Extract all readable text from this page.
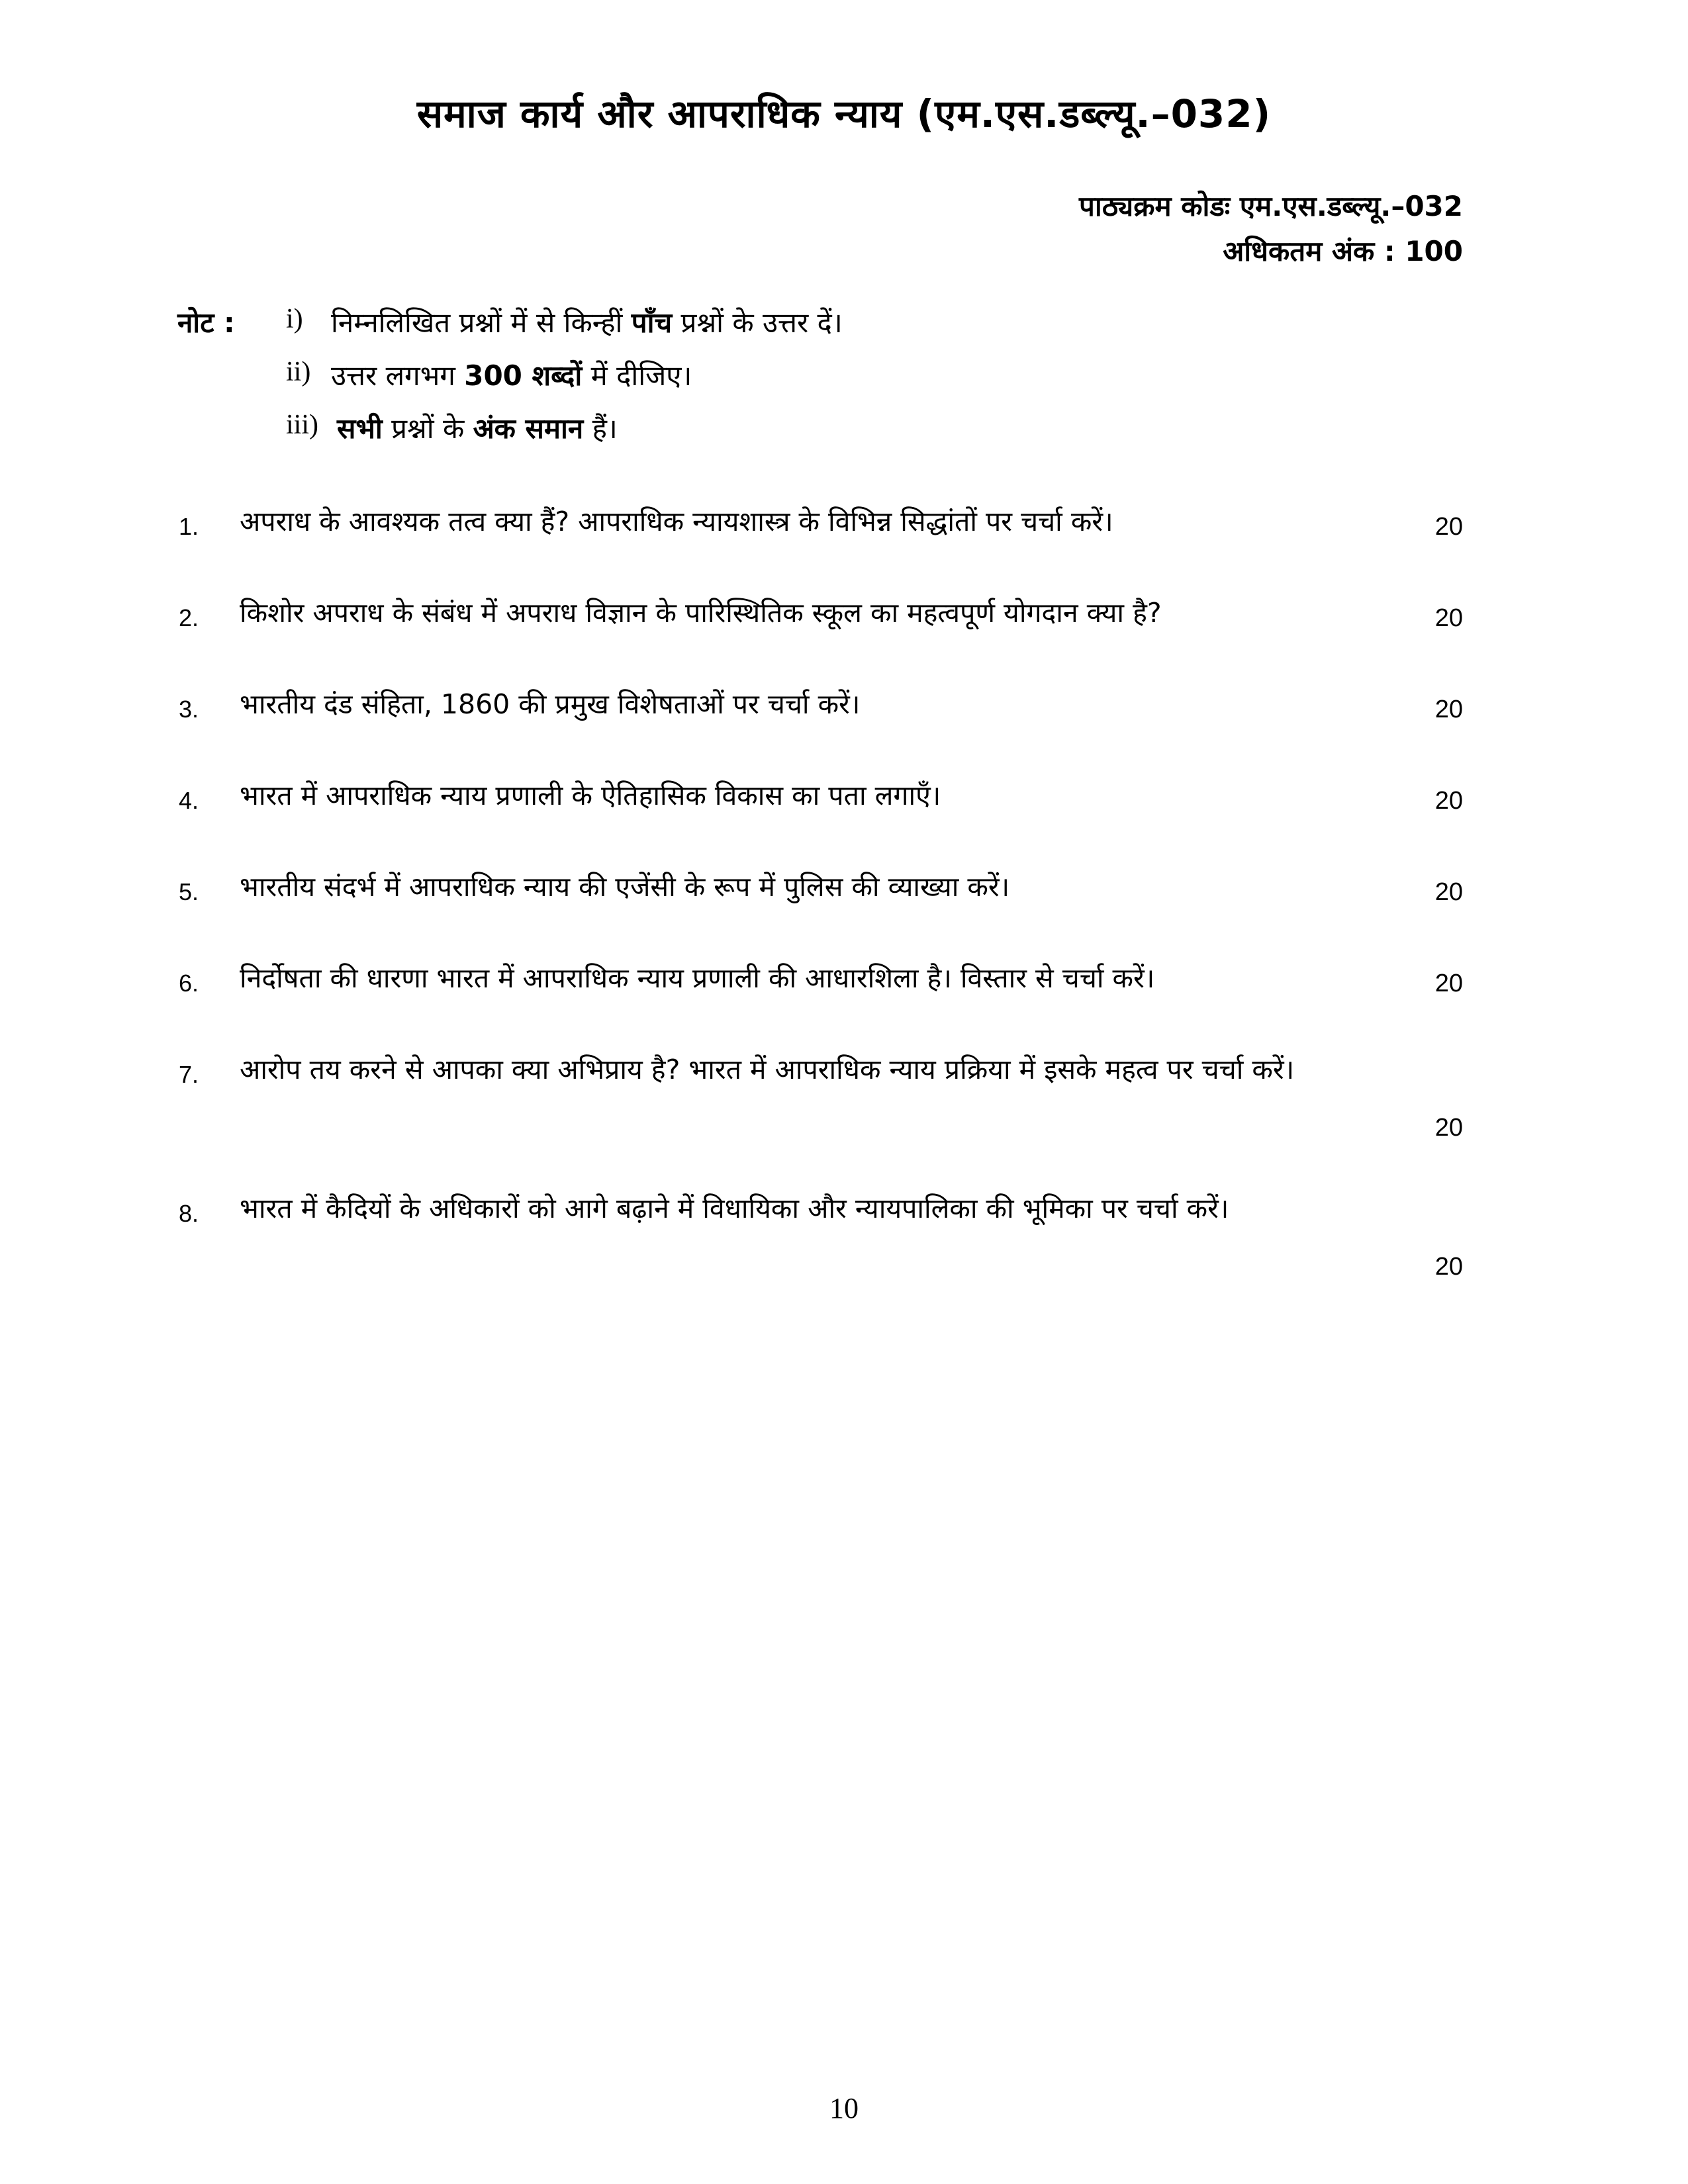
समाज कार्य और आपराधिक न्याय (एम.एस.डब्ल्यू.–032)
पाठ्यक्रम कोडः एम.एस.डब्ल्यू.–032
अधिकतम अंक : 100
नोट : i)	निम्नलिखित प्रश्नों में से किन्हीं पाँच प्रश्नों के उत्तर दें।
ii) उत्तर लगभग 300 शब्दों में दीजिए।
iii) सभी प्रश्नों के अंक समान हैं।
1. अपराध के आवश्यक तत्व क्या हैं? आपराधिक न्यायशास्त्र के विभिन्न सिद्धांतों पर चर्चा करें।	20
2. किशोर अपराध के संबंध में अपराध विज्ञान के पारिस्थितिक स्कूल का महत्वपूर्ण योगदान क्या है?	20
3. भारतीय दंड संहिता, 1860 की प्रमुख विशेषताओं पर चर्चा करें।	20
4. भारत में आपराधिक न्याय प्रणाली के ऐतिहासिक विकास का पता लगाएँ।	20
5. भारतीय संदर्भ में आपराधिक न्याय की एजेंसी के रूप में पुलिस की व्याख्या करें।	20
6. निर्दोषता की धारणा भारत में आपराधिक न्याय प्रणाली की आधारशिला है। विस्तार से चर्चा करें।	20
7. आरोप तय करने से आपका क्या अभिप्राय है? भारत में आपराधिक न्याय प्रक्रिया में इसके महत्व पर चर्चा करें।
20
8. भारत में कैदियों के अधिकारों को आगे बढ़ाने में विधायिका और न्यायपालिका की भूमिका पर चर्चा करें।
20
10
